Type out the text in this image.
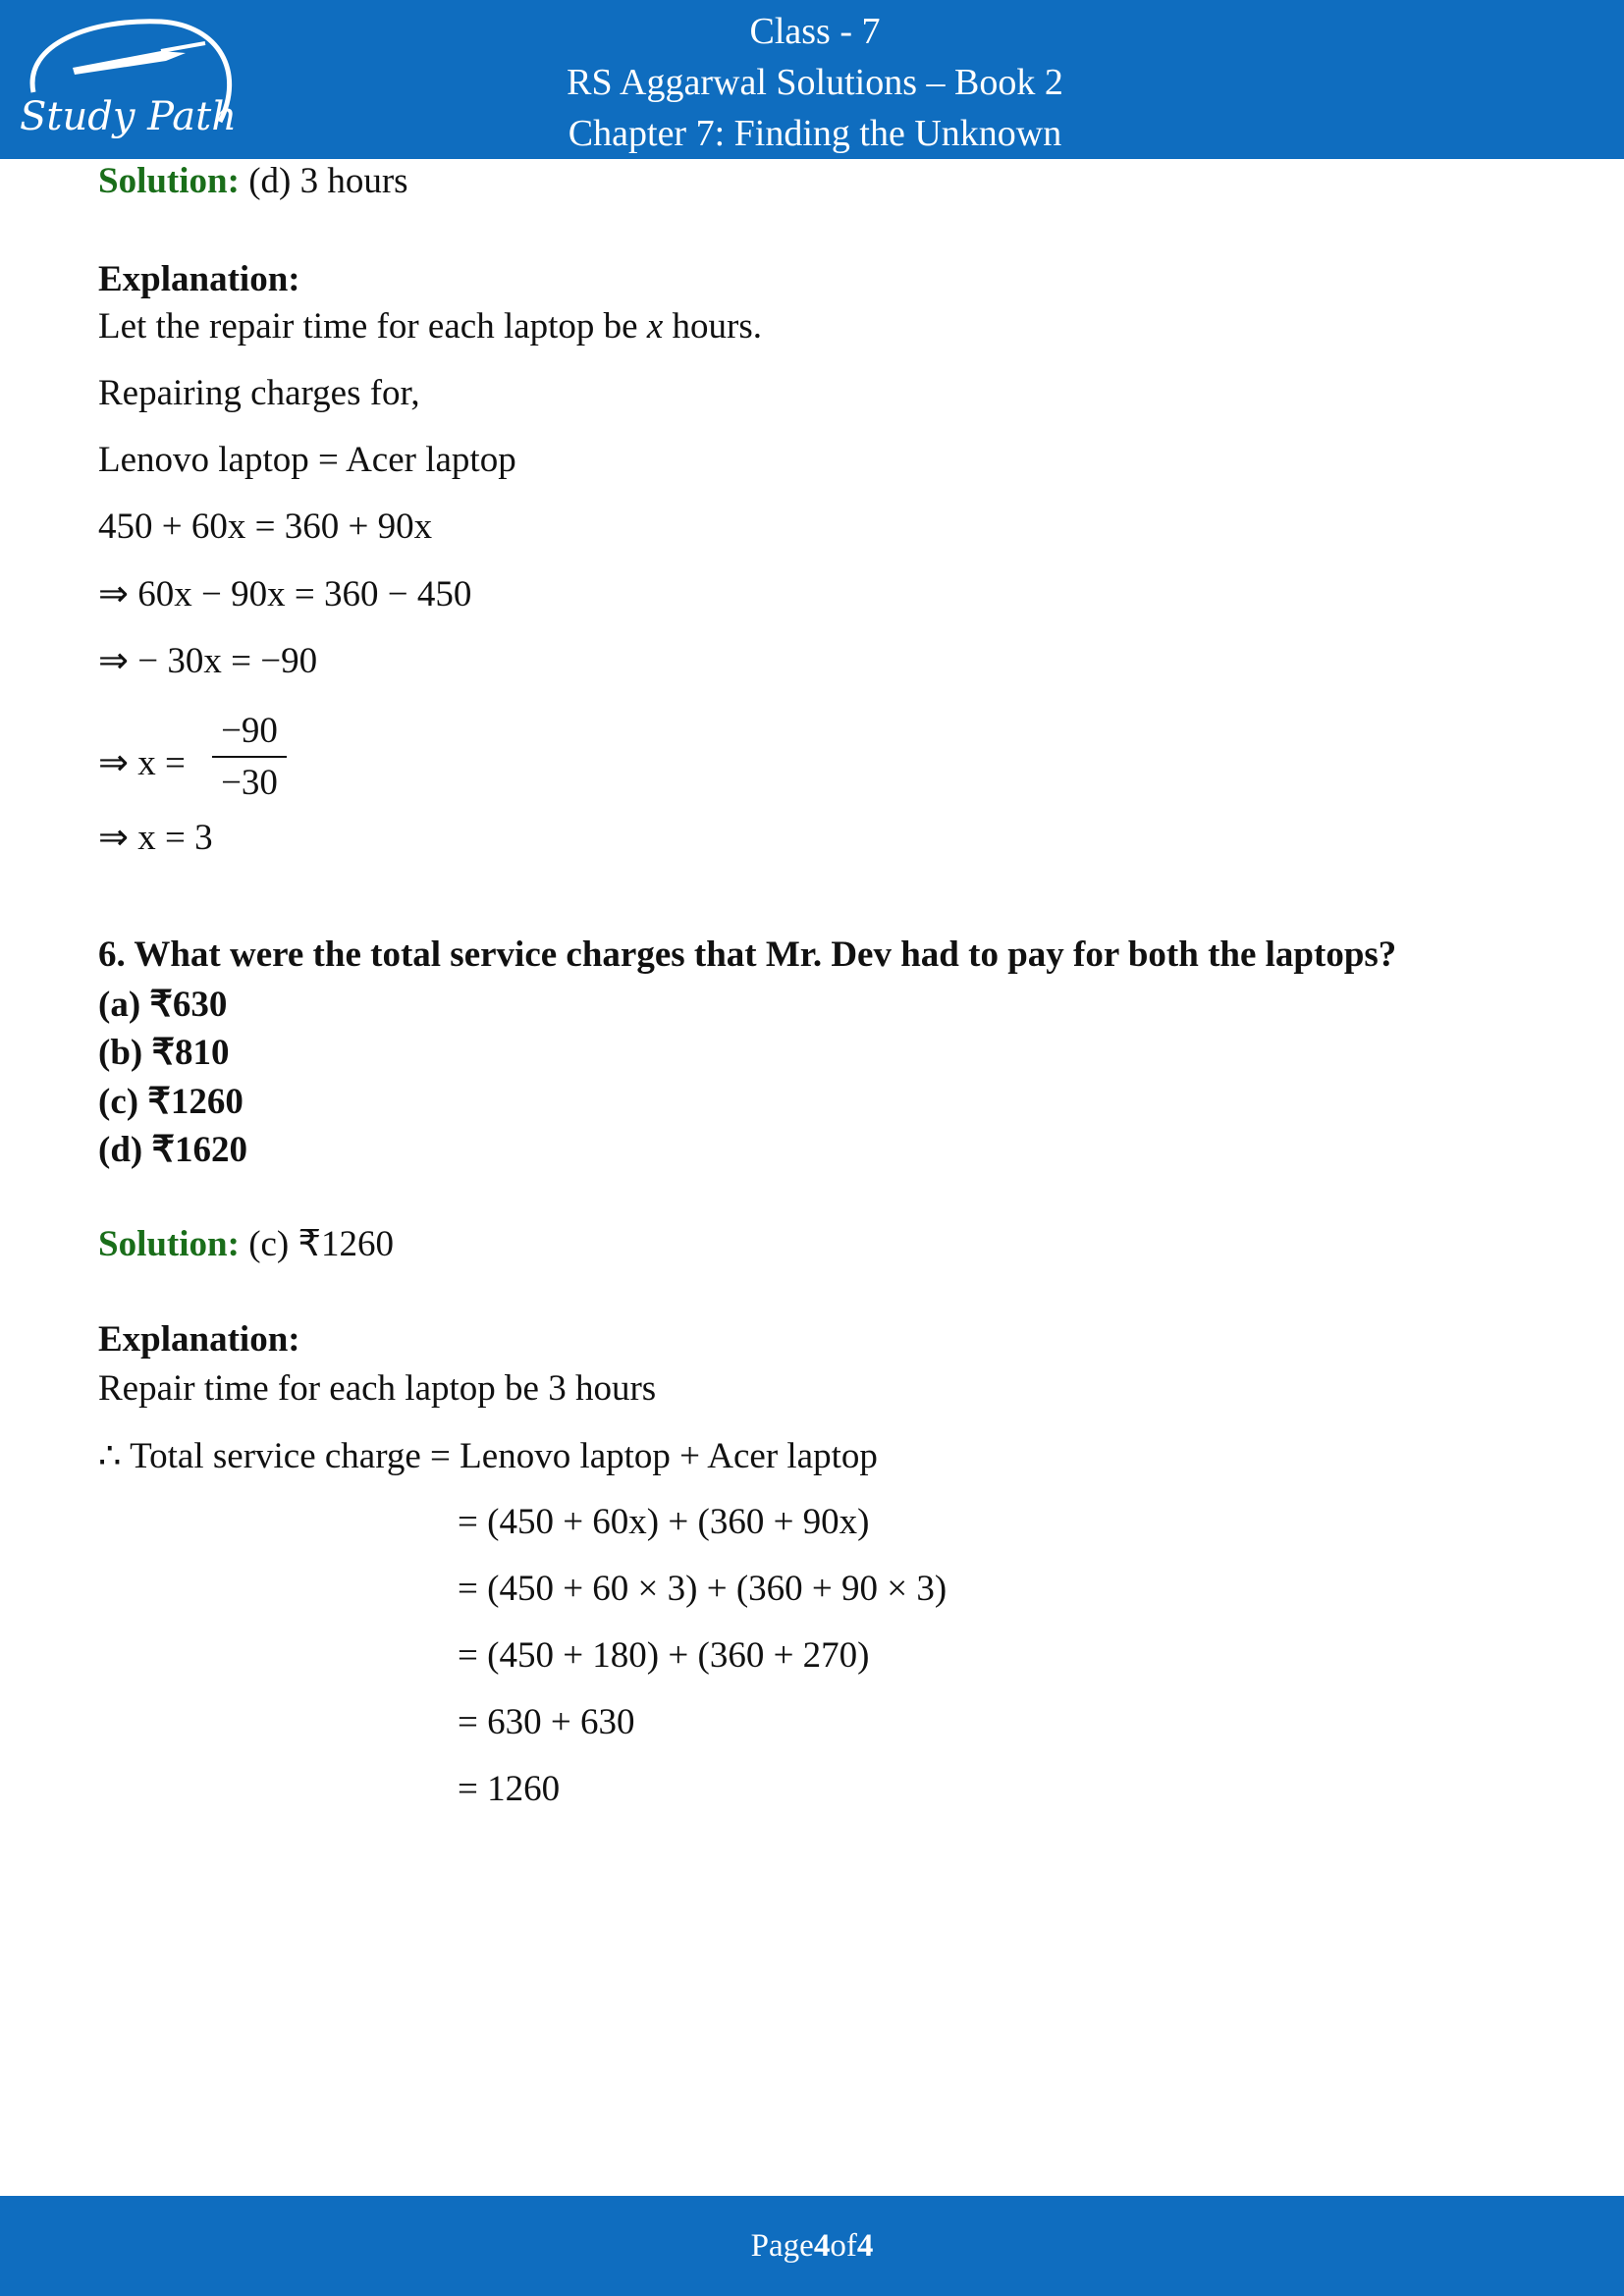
Study Path
Class - 7
RS Aggarwal Solutions – Book 2
Chapter 7: Finding the Unknown
Solution: (d) 3 hours
Explanation:
Let the repair time for each laptop be x hours.
Repairing charges for,
Lenovo laptop = Acer laptop
450 + 60x = 360 + 90x
⇒ 60x − 90x = 360 − 450
⇒ − 30x = −90
⇒ $x = \frac{-90}{-30}$
⇒ x = 3
6. What were the total service charges that Mr. Dev had to pay for both the laptops?
(a) ₹630
(b) ₹810
(c) ₹1260
(d) ₹1620
Solution: (c) ₹1260
Explanation:
Repair time for each laptop be 3 hours
∴ Total service charge = Lenovo laptop + Acer laptop
= (450 + 60x) + (360 + 90x)
= (450 + 60 × 3) + (360 + 90 × 3)
= (450 + 180) + (360 + 270)
= 630 + 630
= 1260
Page 4 of 4
